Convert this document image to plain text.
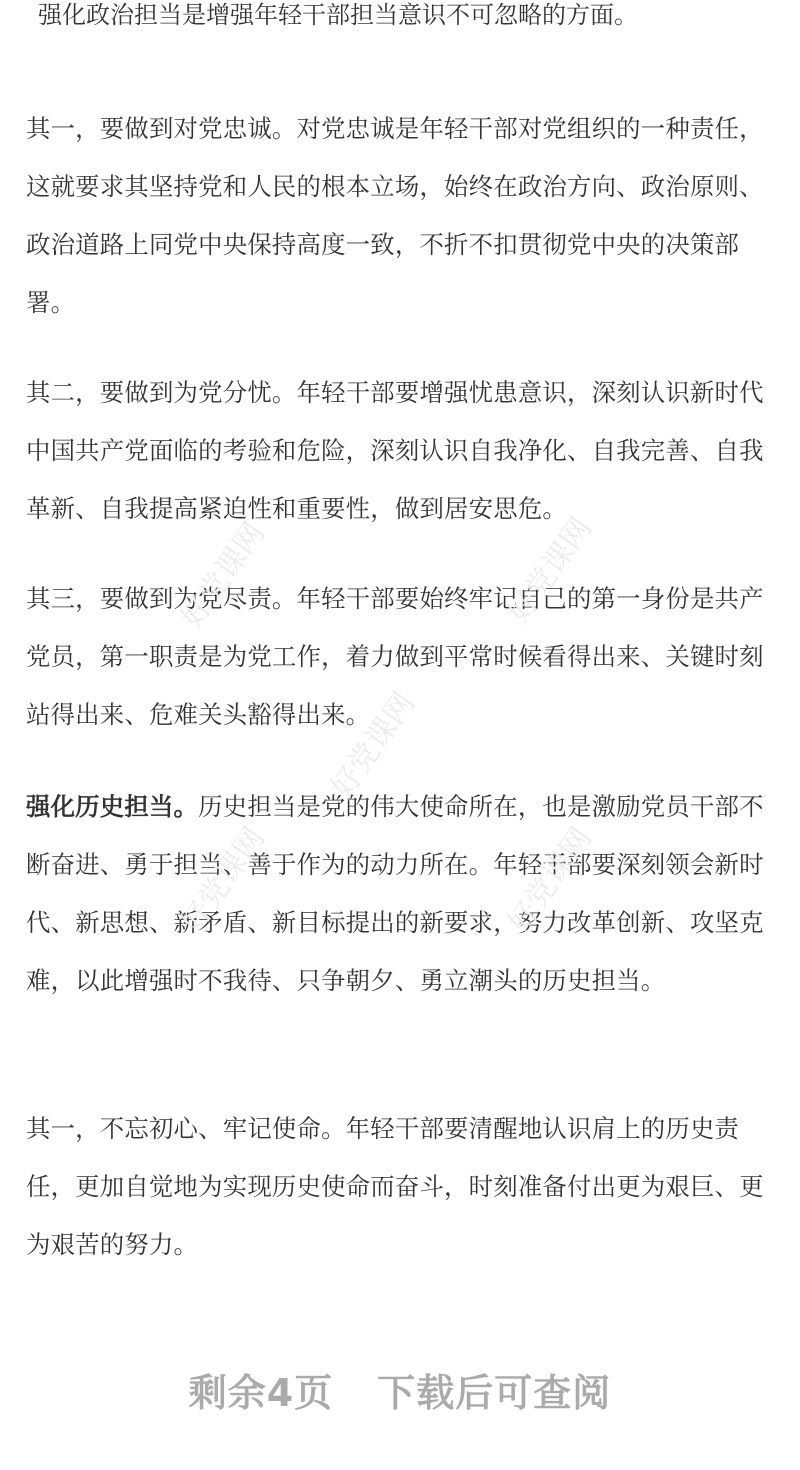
强化政治担当是增强年轻干部担当意识不可忽略的方面。
其一，要做到对党忠诚。对党忠诚是年轻干部对党组织的一种责任，这就要求其坚持党和人民的根本立场，始终在政治方向、政治原则、政治道路上同党中央保持高度一致，不折不扣贯彻党中央的决策部署。
其二，要做到为党分忧。年轻干部要增强忧患意识，深刻认识新时代中国共产党面临的考验和危险，深刻认识自我净化、自我完善、自我革新、自我提高紧迫性和重要性，做到居安思危。
其三，要做到为党尽责。年轻干部要始终牢记自己的第一身份是共产党员，第一职责是为党工作，着力做到平常时候看得出来、关键时刻站得出来、危难关头豁得出来。
强化历史担当。历史担当是党的伟大使命所在，也是激励党员干部不断奋进、勇于担当、善于作为的动力所在。年轻干部要深刻领会新时代、新思想、新矛盾、新目标提出的新要求，努力改革创新、攻坚克难，以此增强时不我待、只争朝夕、勇立潮头的历史担当。
其一，不忘初心、牢记使命。年轻干部要清醒地认识肩上的历史责任，更加自觉地为实现历史使命而奋斗，时刻准备付出更为艰巨、更为艰苦的努力。
好党课网	好党课网
好党课网
好党课网	好党课网
剩余4页 下载后可查阅
